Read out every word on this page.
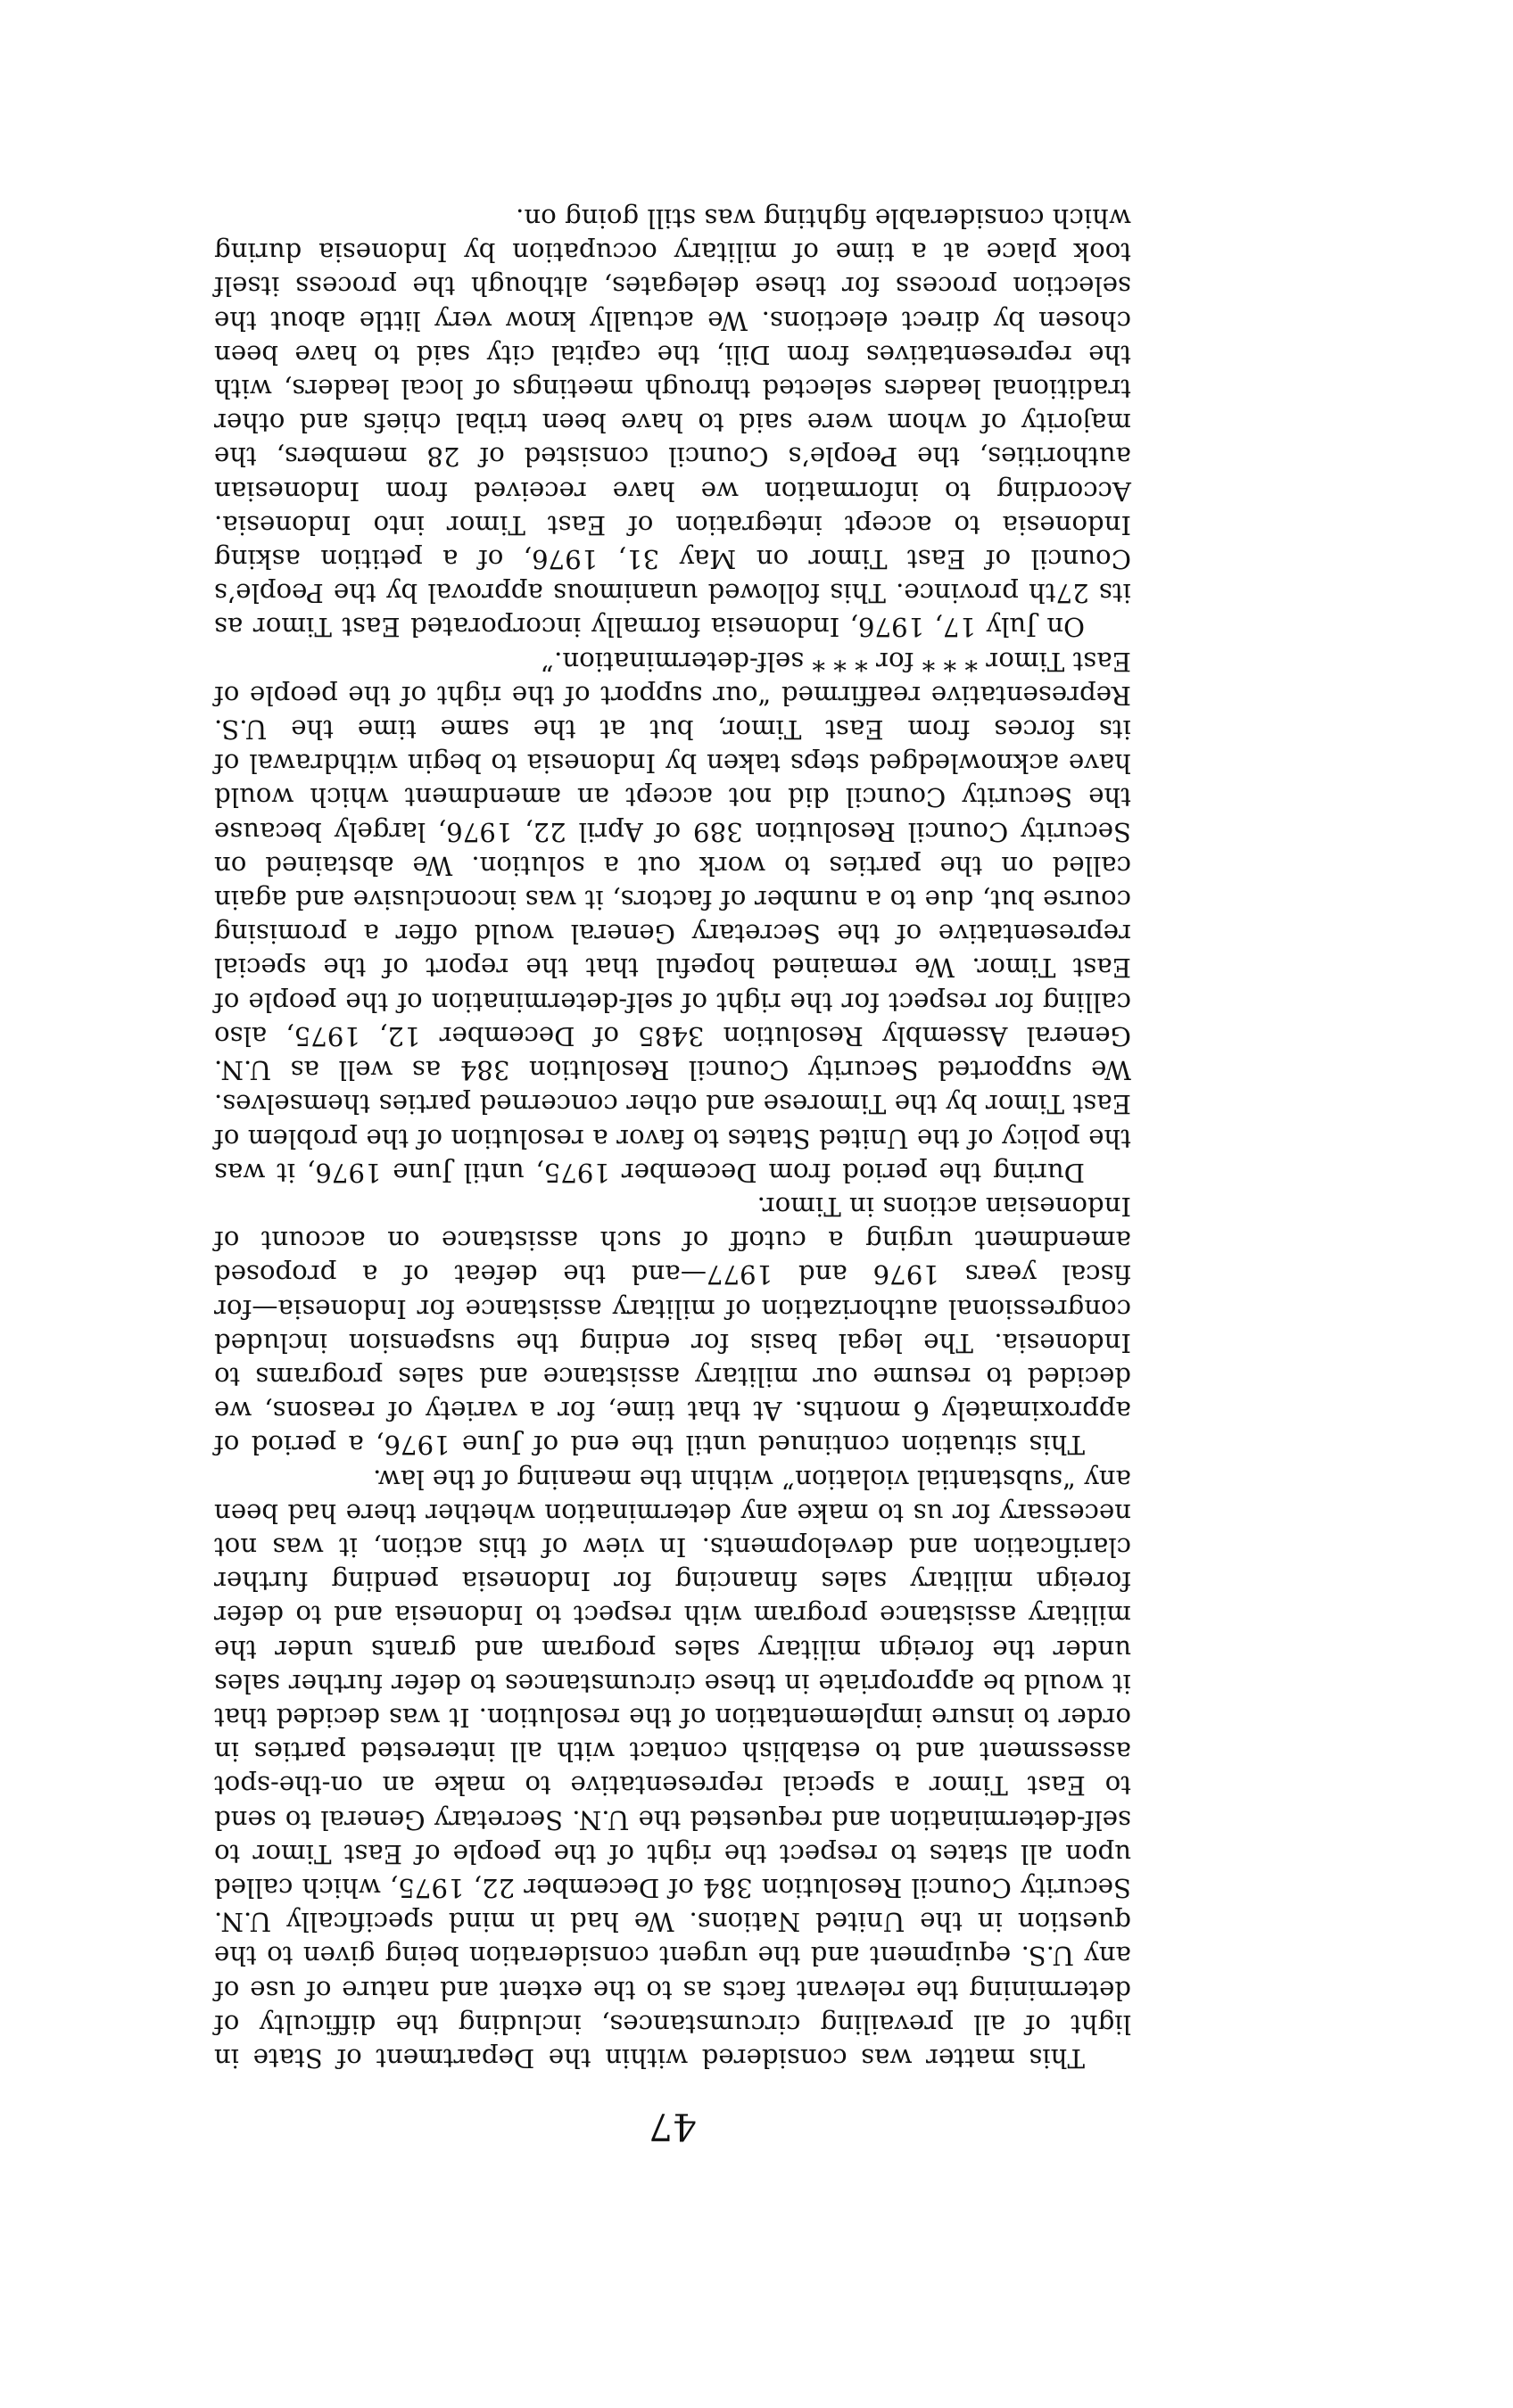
47

This matter was considered within the Department of State in light of all prevailing circumstances, including the difficulty of determining the relevant facts as to the extent and nature of use of any U.S. equipment and the urgent consideration being given to the question in the United Nations. We had in mind specifically U.N. Security Council Resolution 384 of December 22, 1975, which called upon all states to respect the right of the people of East Timor to self-determination and requested the U.N. Secretary General to send to East Timor a special representative to make an on-the-spot assessment and to establish contact with all interested parties in order to insure implementation of the resolution. It was decided that it would be appropriate in these circumstances to defer further sales under the foreign military sales program and grants under the military assistance program with respect to Indonesia and to defer foreign military sales financing for Indonesia pending further clarification and developments. In view of this action, it was not necessary for us to make any determination whether there had been any “substantial violation” within the meaning of the law.

This situation continued until the end of June 1976, a period of approximately 6 months. At that time, for a variety of reasons, we decided to resume our military assistance and sales programs to Indonesia. The legal basis for ending the suspension included congressional authorization of military assistance for Indonesia—for fiscal years 1976 and 1977—and the defeat of a proposed amendment urging a cutoff of such assistance on account of Indonesian actions in Timor.

During the period from December 1975, until June 1976, it was the policy of the United States to favor a resolution of the problem of East Timor by the Timorese and other concerned parties themselves. We supported Security Council Resolution 384 as well as U.N. General Assembly Resolution 3485 of December 12, 1975, also calling for respect for the right of self-determination of the people of East Timor. We remained hopeful that the report of the special representative of the Secretary General would offer a promising course but, due to a number of factors, it was inconclusive and again called on the parties to work out a solution. We abstained on Security Council Resolution 389 of April 22, 1976, largely because the Security Council did not accept an amendment which would have acknowledged steps taken by Indonesia to begin withdrawal of its forces from East Timor, but at the same time the U.S. Representative reaffirmed “our support of the right of the people of East Timor * * * for * * * self-determination.”

On July 17, 1976, Indonesia formally incorporated East Timor as its 27th province. This followed unanimous approval by the People’s Council of East Timor on May 31, 1976, of a petition asking Indonesia to accept integration of East Timor into Indonesia. According to information we have received from Indonesian authorities, the People’s Council consisted of 28 members, the majority of whom were said to have been tribal chiefs and other traditional leaders selected through meetings of local leaders, with the representatives from Dili, the capital city said to have been chosen by direct elections. We actually know very little about the selection process for these delegates, although the process itself took place at a time of military occupation by Indonesia during which considerable fighting was still going on.
